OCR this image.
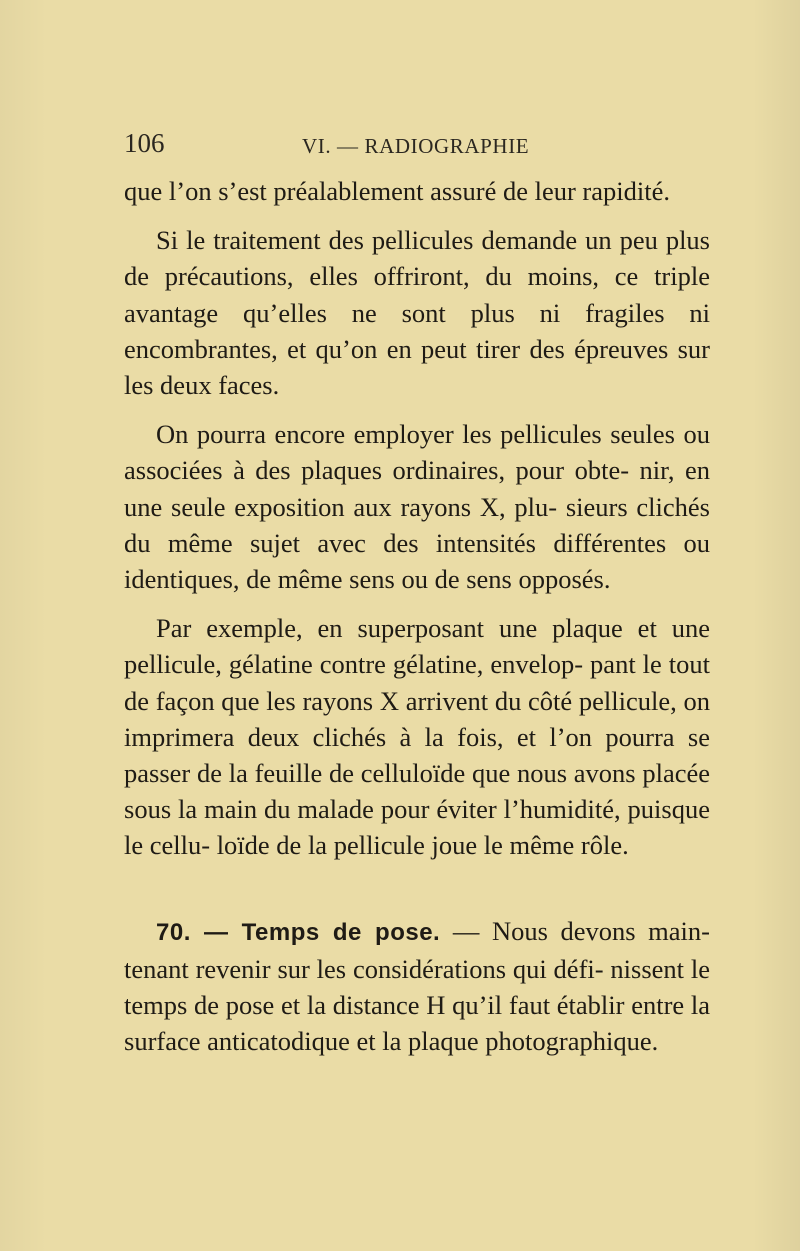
106	VI. — RADIOGRAPHIE

que l’on s’est préalablement assuré de leur rapidité.

Si le traitement des pellicules demande un peu plus de précautions, elles offriront, du moins, ce triple avantage qu’elles ne sont plus ni fragiles ni encombrantes, et qu’on en peut tirer des épreuves sur les deux faces.

On pourra encore employer les pellicules seules ou associées à des plaques ordinaires, pour obte- nir, en une seule exposition aux rayons X, plu- sieurs clichés du même sujet avec des intensités différentes ou identiques, de même sens ou de sens opposés.

Par exemple, en superposant une plaque et une pellicule, gélatine contre gélatine, envelop- pant le tout de façon que les rayons X arrivent du côté pellicule, on imprimera deux clichés à la fois, et l’on pourra se passer de la feuille de celluloïde que nous avons placée sous la main du malade pour éviter l’humidité, puisque le cellu- loïde de la pellicule joue le même rôle.

70. — Temps de pose. — Nous devons main- tenant revenir sur les considérations qui défi- nissent le temps de pose et la distance H qu’il faut établir entre la surface anticatodique et la plaque photographique.
